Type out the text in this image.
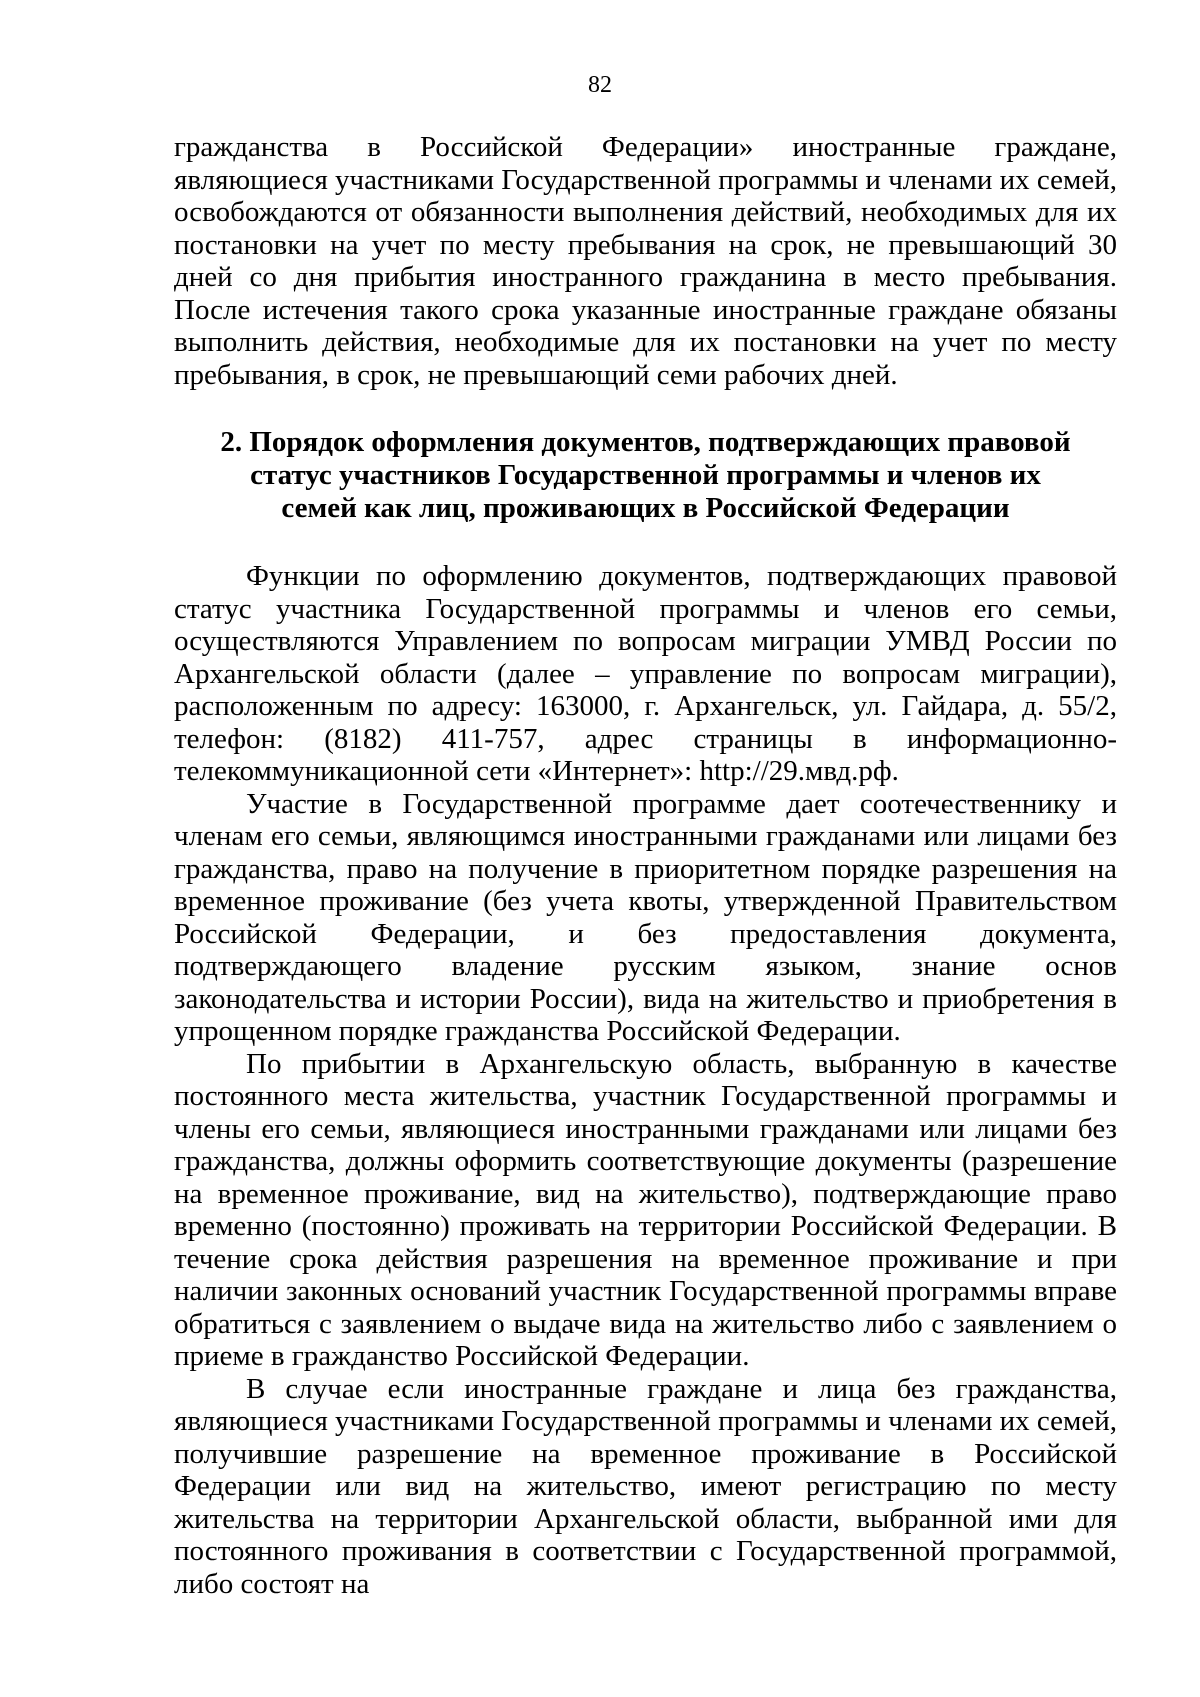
82

гражданства в Российской Федерации» иностранные граждане, являющиеся участниками Государственной программы и членами их семей, освобождаются от обязанности выполнения действий, необходимых для их постановки на учет по месту пребывания на срок, не превышающий 30 дней со дня прибытия иностранного гражданина в место пребывания. После истечения такого срока указанные иностранные граждане обязаны выполнить действия, необходимые для их постановки на учет по месту пребывания, в срок, не превышающий семи рабочих дней.

2. Порядок оформления документов, подтверждающих правовой
статус участников Государственной программы и членов их
семей как лиц, проживающих в Российской Федерации

Функции по оформлению документов, подтверждающих правовой статус участника Государственной программы и членов его семьи, осуществляются Управлением по вопросам миграции УМВД России по Архангельской области (далее – управление по вопросам миграции), расположенным по адресу: 163000, г. Архангельск, ул. Гайдара, д. 55/2, телефон: (8182) 411-757, адрес страницы в информационно-телекоммуникационной сети «Интернет»: http://29.мвд.рф.

Участие в Государственной программе дает соотечественнику и членам его семьи, являющимся иностранными гражданами или лицами без гражданства, право на получение в приоритетном порядке разрешения на временное проживание (без учета квоты, утвержденной Правительством Российской Федерации, и без предоставления документа, подтверждающего владение русским языком, знание основ законодательства и истории России), вида на жительство и приобретения в упрощенном порядке гражданства Российской Федерации.

По прибытии в Архангельскую область, выбранную в качестве постоянного места жительства, участник Государственной программы и члены его семьи, являющиеся иностранными гражданами или лицами без гражданства, должны оформить соответствующие документы (разрешение на временное проживание, вид на жительство), подтверждающие право временно (постоянно) проживать на территории Российской Федерации. В течение срока действия разрешения на временное проживание и при наличии законных оснований участник Государственной программы вправе обратиться с заявлением о выдаче вида на жительство либо с заявлением о приеме в гражданство Российской Федерации.

В случае если иностранные граждане и лица без гражданства, являющиеся участниками Государственной программы и членами их семей, получившие разрешение на временное проживание в Российской Федерации или вид на жительство, имеют регистрацию по месту жительства на территории Архангельской области, выбранной ими для постоянного проживания в соответствии с Государственной программой, либо состоят на
